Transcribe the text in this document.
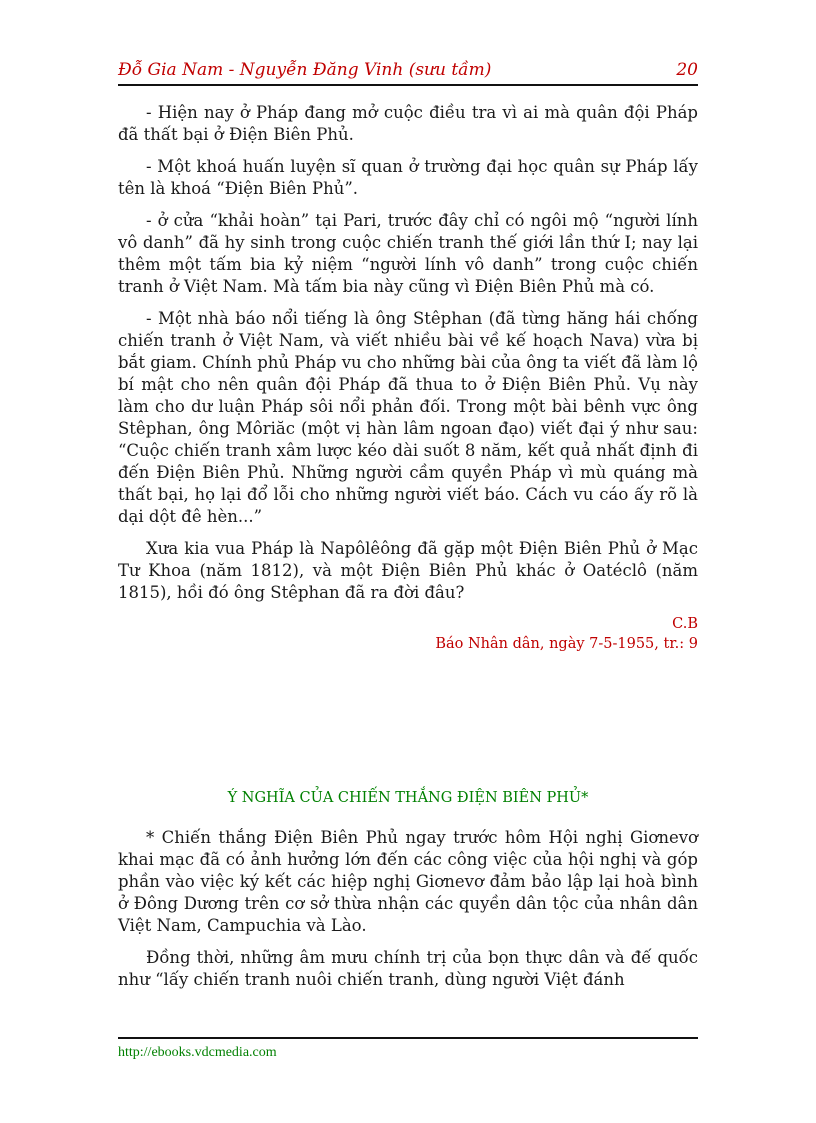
Đỗ Gia Nam - Nguyễn Đăng Vinh (sưu tầm)	20

- Hiện nay ở Pháp đang mở cuộc điều tra vì ai mà quân đội Pháp đã thất bại ở Điện Biên Phủ.

- Một khoá huấn luyện sĩ quan ở trường đại học quân sự Pháp lấy tên là khoá “Điện Biên Phủ”.

- ở cửa “khải hoàn” tại Pari, trước đây chỉ có ngôi mộ “người lính vô danh” đã hy sinh trong cuộc chiến tranh thế giới lần thứ I; nay lại thêm một tấm bia kỷ niệm “người lính vô danh” trong cuộc chiến tranh ở Việt Nam. Mà tấm bia này cũng vì Điện Biên Phủ mà có.

- Một nhà báo nổi tiếng là ông Stêphan (đã từng hăng hái chống chiến tranh ở Việt Nam, và viết nhiều bài về kế hoạch Nava) vừa bị bắt giam. Chính phủ Pháp vu cho những bài của ông ta viết đã làm lộ bí mật cho nên quân đội Pháp đã thua to ở Điện Biên Phủ. Vụ này làm cho dư luận Pháp sôi nổi phản đối. Trong một bài bênh vực ông Stêphan, ông Môriăc (một vị hàn lâm ngoan đạo) viết đại ý như sau: “Cuộc chiến tranh xâm lược kéo dài suốt 8 năm, kết quả nhất định đi đến Điện Biên Phủ. Những người cầm quyền Pháp vì mù quáng mà thất bại, họ lại đổ lỗi cho những người viết báo. Cách vu cáo ấy rõ là dại dột đê hèn...”

Xưa kia vua Pháp là Napôlêông đã gặp một Điện Biên Phủ ở Mạc Tư Khoa (năm 1812), và một Điện Biên Phủ khác ở Oatéclô (năm 1815), hồi đó ông Stêphan đã ra đời đâu?

C.B
Báo Nhân dân, ngày 7-5-1955, tr.: 9
Ý NGHĨA CỦA CHIẾN THẮNG ĐIỆN BIÊN PHỦ*

* Chiến thắng Điện Biên Phủ ngay trước hôm Hội nghị Giơnevơ khai mạc đã có ảnh hưởng lớn đến các công việc của hội nghị và góp phần vào việc ký kết các hiệp nghị Giơnevơ đảm bảo lập lại hoà bình ở Đông Dương trên cơ sở thừa nhận các quyền dân tộc của nhân dân Việt Nam, Campuchia và Lào.

Đồng thời, những âm mưu chính trị của bọn thực dân và đế quốc như “lấy chiến tranh nuôi chiến tranh, dùng người Việt đánh

http://ebooks.vdcmedia.com
